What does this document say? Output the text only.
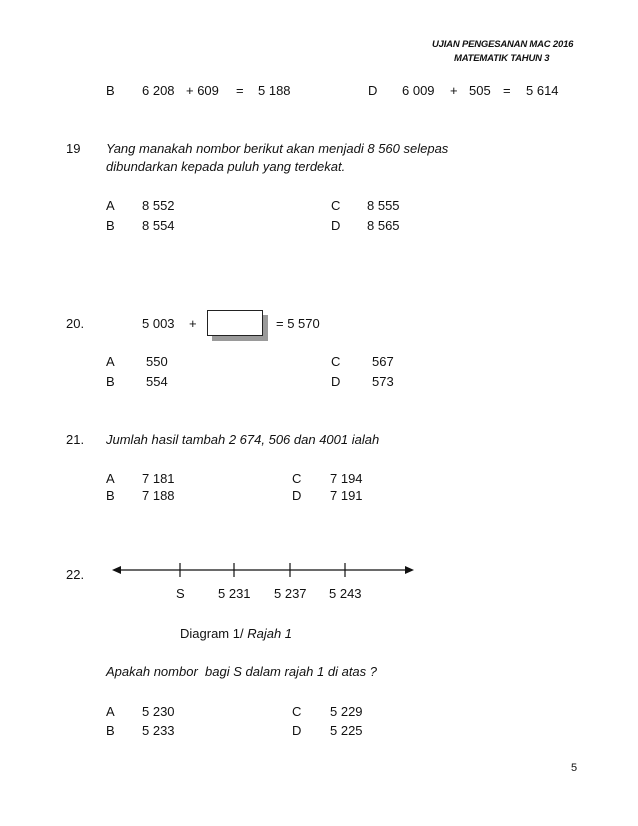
UJIAN PENGESANAN MAC 2016
MATEMATIK TAHUN 3
B 6 208 + 609 = 5 188	D 6 009 + 505 = 5 614
19 Yang manakah nombor berikut akan menjadi 8 560 selepas
dibundarkan kepada puluh yang terdekat.
A 8 552
B 8 554
C 8 555
D 8 565
20.	5 003 +	= 5 570
A 550
B 554
C 567
D 573
21. Jumlah hasil tambah 2 674, 506 dan 4001 ialah
A 7 181
B 7 188
C 7 194
D 7 191
22.
S	5 231 5 237 5 243
Diagram 1/ Rajah 1
Apakah nombor  bagi S dalam rajah 1 di atas ?
A 5 230
B 5 233
C 5 229
D 5 225
5
